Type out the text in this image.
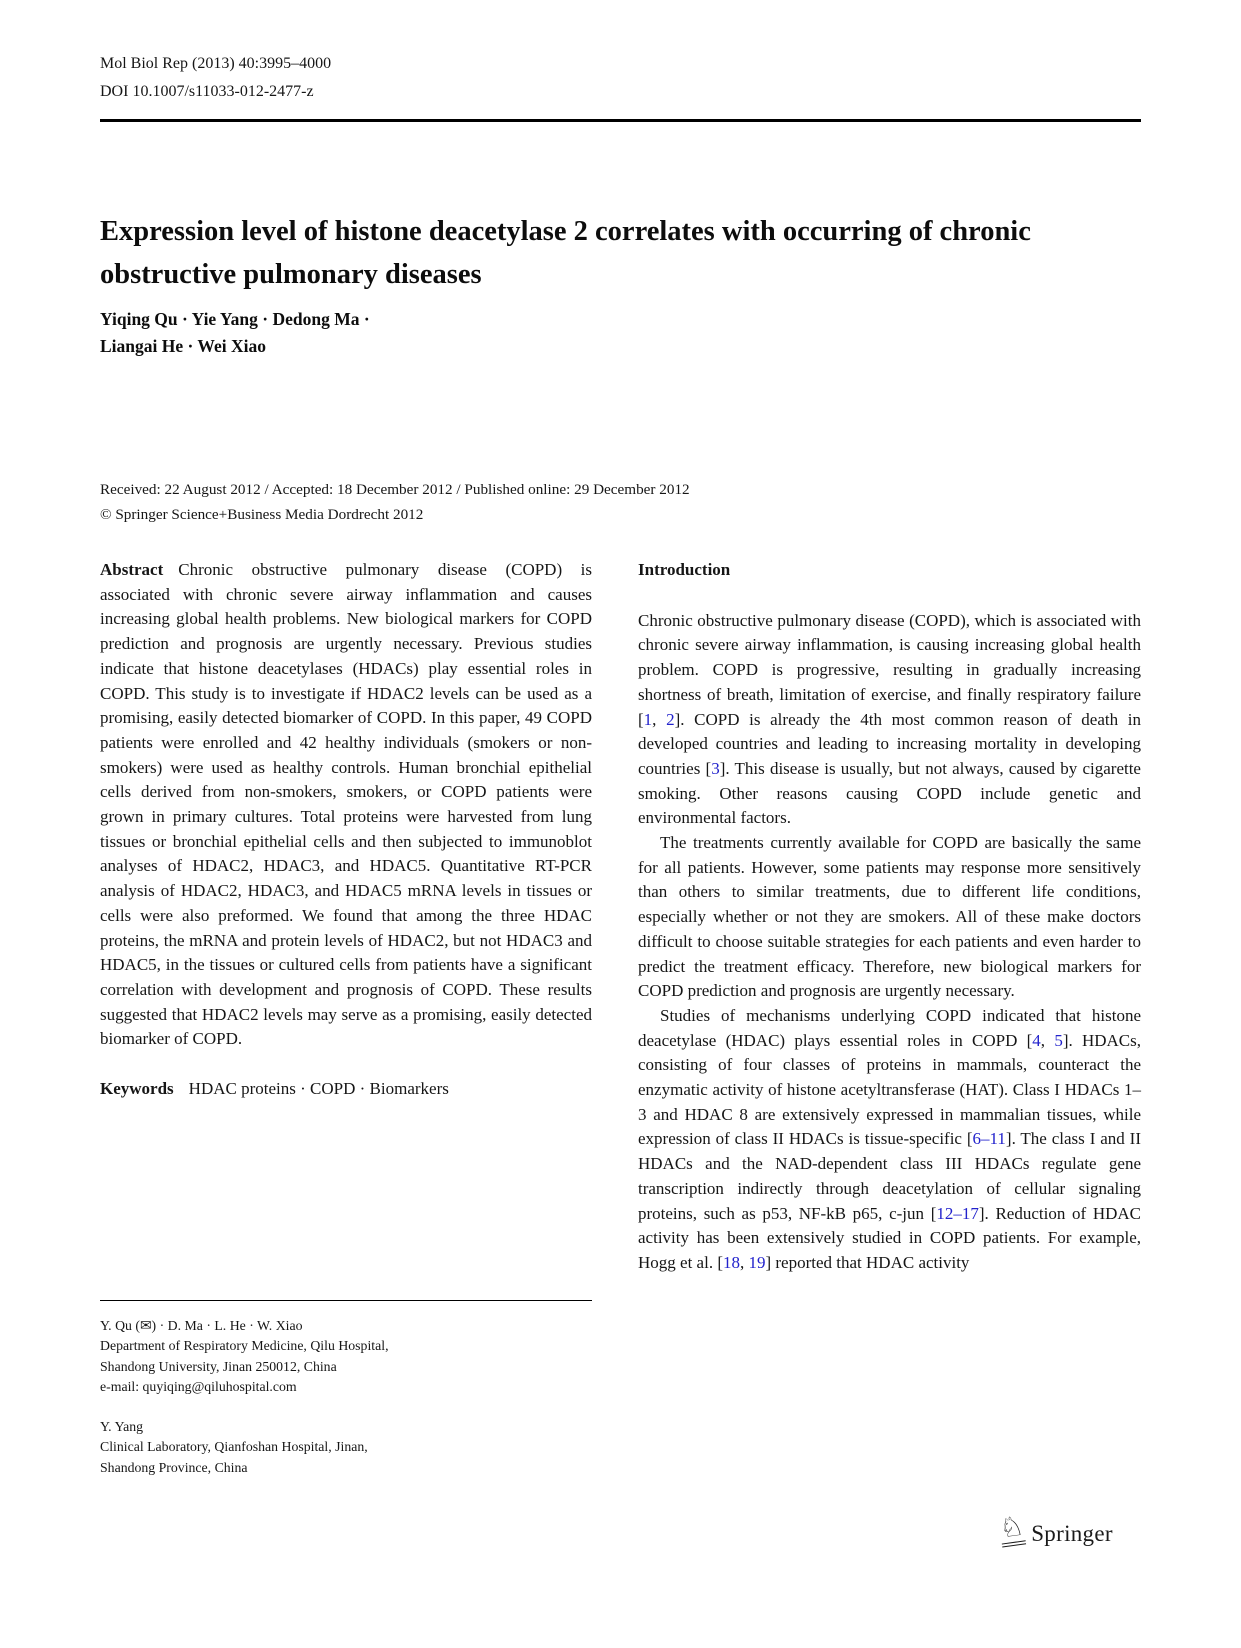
Mol Biol Rep (2013) 40:3995–4000
DOI 10.1007/s11033-012-2477-z
Expression level of histone deacetylase 2 correlates with occurring of chronic obstructive pulmonary diseases
Yiqing Qu · Yie Yang · Dedong Ma ·
Liangai He · Wei Xiao
Received: 22 August 2012 / Accepted: 18 December 2012 / Published online: 29 December 2012
© Springer Science+Business Media Dordrecht 2012

Abstract Chronic obstructive pulmonary disease (COPD) is associated with chronic severe airway inflammation and causes increasing global health problems. New biological markers for COPD prediction and prognosis are urgently necessary. Previous studies indicate that histone deacetylases (HDACs) play essential roles in COPD. This study is to investigate if HDAC2 levels can be used as a promising, easily detected biomarker of COPD. In this paper, 49 COPD patients were enrolled and 42 healthy individuals (smokers or non-smokers) were used as healthy controls. Human bronchial epithelial cells derived from non-smokers, smokers, or COPD patients were grown in primary cultures. Total proteins were harvested from lung tissues or bronchial epithelial cells and then subjected to immunoblot analyses of HDAC2, HDAC3, and HDAC5. Quantitative RT-PCR analysis of HDAC2, HDAC3, and HDAC5 mRNA levels in tissues or cells were also preformed. We found that among the three HDAC proteins, the mRNA and protein levels of HDAC2, but not HDAC3 and HDAC5, in the tissues or cultured cells from patients have a significant correlation with development and prognosis of COPD. These results suggested that HDAC2 levels may serve as a promising, easily detected biomarker of COPD.

Keywords HDAC proteins · COPD · Biomarkers

Introduction

Chronic obstructive pulmonary disease (COPD), which is associated with chronic severe airway inflammation, is causing increasing global health problem. COPD is progressive, resulting in gradually increasing shortness of breath, limitation of exercise, and finally respiratory failure [1, 2]. COPD is already the 4th most common reason of death in developed countries and leading to increasing mortality in developing countries [3]. This disease is usually, but not always, caused by cigarette smoking. Other reasons causing COPD include genetic and environmental factors.

The treatments currently available for COPD are basically the same for all patients. However, some patients may response more sensitively than others to similar treatments, due to different life conditions, especially whether or not they are smokers. All of these make doctors difficult to choose suitable strategies for each patients and even harder to predict the treatment efficacy. Therefore, new biological markers for COPD prediction and prognosis are urgently necessary.

Studies of mechanisms underlying COPD indicated that histone deacetylase (HDAC) plays essential roles in COPD [4, 5]. HDACs, consisting of four classes of proteins in mammals, counteract the enzymatic activity of histone acetyltransferase (HAT). Class I HDACs 1–3 and HDAC 8 are extensively expressed in mammalian tissues, while expression of class II HDACs is tissue-specific [6–11]. The class I and II HDACs and the NAD-dependent class III HDACs regulate gene transcription indirectly through deacetylation of cellular signaling proteins, such as p53, NF-kB p65, c-jun [12–17]. Reduction of HDAC activity has been extensively studied in COPD patients. For example, Hogg et al. [18, 19] reported that HDAC activity

Y. Qu (✉) · D. Ma · L. He · W. Xiao
Department of Respiratory Medicine, Qilu Hospital,
Shandong University, Jinan 250012, China
e-mail: quyiqing@qiluhospital.com
Y. Yang
Clinical Laboratory, Qianfoshan Hospital, Jinan,
Shandong Province, China
♘ Springer
